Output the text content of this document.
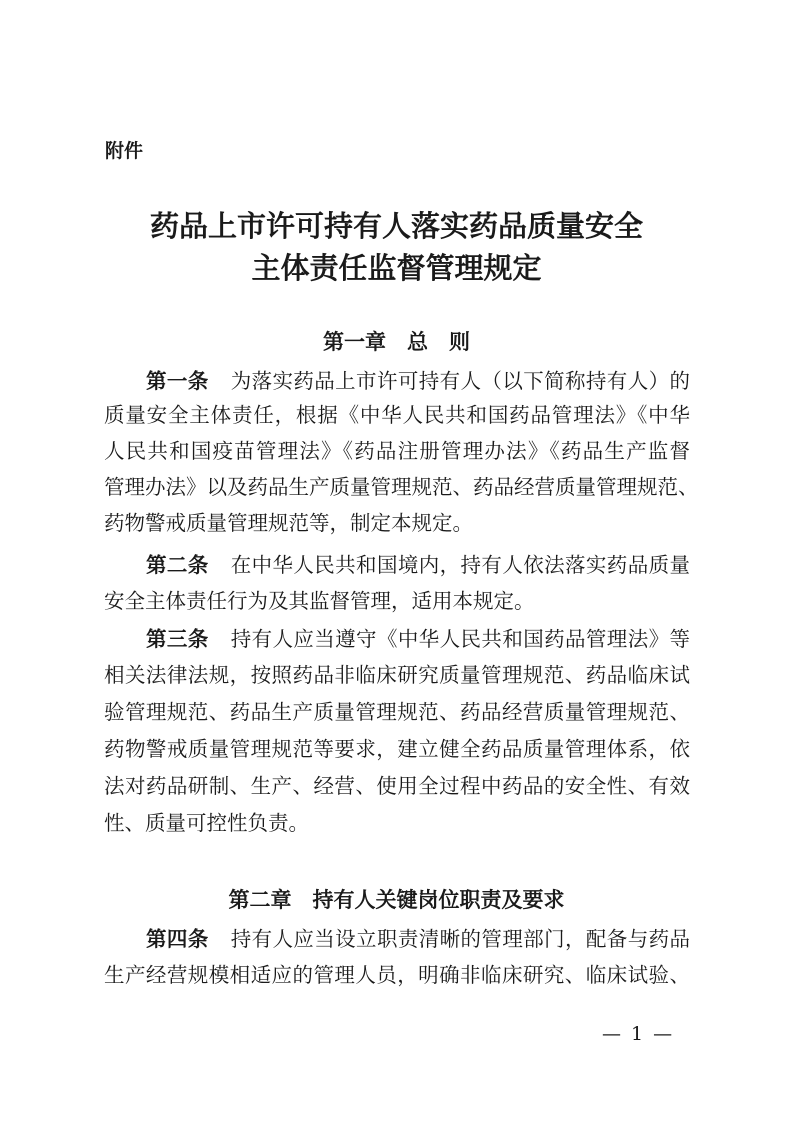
附件
药品上市许可持有人落实药品质量安全
主体责任监督管理规定
第一章　总　则
第一条 为落实药品上市许可持有人（以下简称持有人）的
质量安全主体责任，根据《中华人民共和国药品管理法》《中华
人民共和国疫苗管理法》《药品注册管理办法》《药品生产监督
管理办法》以及药品生产质量管理规范、药品经营质量管理规范、
药物警戒质量管理规范等，制定本规定。
第二条 在中华人民共和国境内，持有人依法落实药品质量
安全主体责任行为及其监督管理，适用本规定。
第三条 持有人应当遵守《中华人民共和国药品管理法》等
相关法律法规，按照药品非临床研究质量管理规范、药品临床试
验管理规范、药品生产质量管理规范、药品经营质量管理规范、
药物警戒质量管理规范等要求，建立健全药品质量管理体系，依
法对药品研制、生产、经营、使用全过程中药品的安全性、有效
性、质量可控性负责。
第二章　持有人关键岗位职责及要求
第四条 持有人应当设立职责清晰的管理部门，配备与药品
生产经营规模相适应的管理人员，明确非临床研究、临床试验、
— 1 —
